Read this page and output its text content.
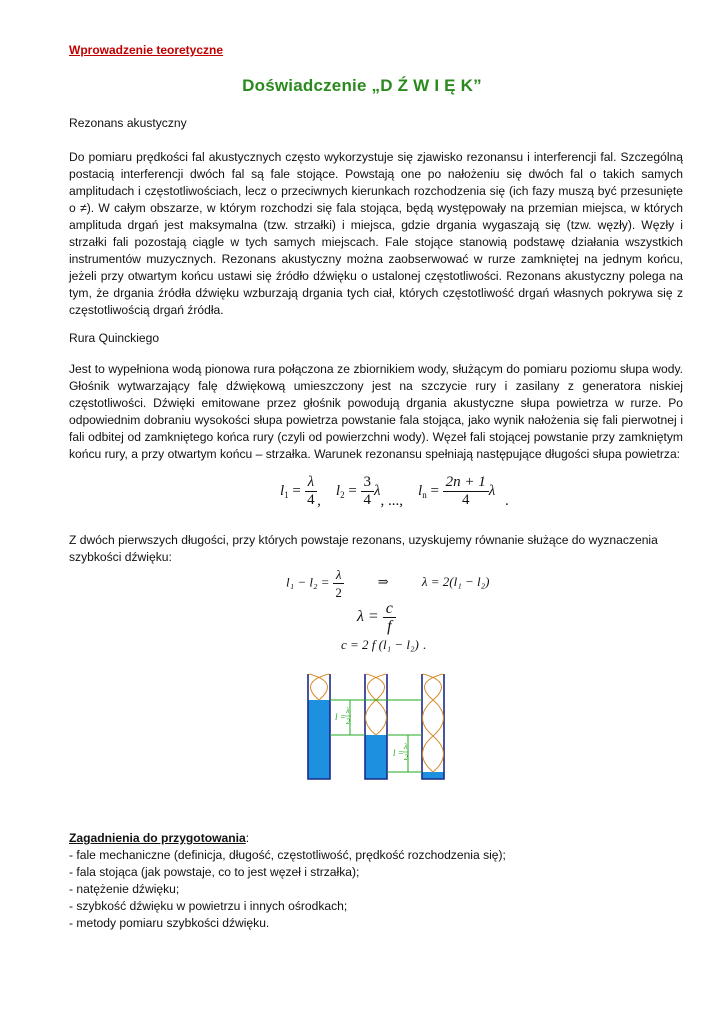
Wprowadzenie teoretyczne
Doświadczenie „D Ź W I Ę K”
Rezonans akustyczny
Do pomiaru prędkości fal akustycznych często wykorzystuje się zjawisko rezonansu i interferencji fal. Szczególną postacią interferencji dwóch fal są fale stojące. Powstają one po nałożeniu się dwóch fal o takich samych amplitudach i częstotliwościach, lecz o przeciwnych kierunkach rozchodzenia się (ich fazy muszą być przesunięte o ≠). W całym obszarze, w którym rozchodzi się fala stojąca, będą występowały na przemian miejsca, w których amplituda drgań jest maksymalna (tzw. strzałki) i miejsca, gdzie drgania wygaszają się (tzw. węzły). Węzły i strzałki fali pozostają ciągle w tych samych miejscach. Fale stojące stanowią podstawę działania wszystkich instrumentów muzycznych. Rezonans akustyczny można zaobserwować w rurze zamkniętej na jednym końcu, jeżeli przy otwartym końcu ustawi się źródło dźwięku o ustalonej częstotliwości. Rezonans akustyczny polega na tym, że drgania źródła dźwięku wzburzają drgania tych ciał, których częstotliwość drgań własnych pokrywa się z częstotliwością drgań źródła.
Rura Quinckiego
Jest to wypełniona wodą pionowa rura połączona ze zbiornikiem wody, służącym do pomiaru poziomu słupa wody. Głośnik wytwarzający falę dźwiękową umieszczony jest na szczycie rury i zasilany z generatora niskiej częstotliwości. Dźwięki emitowane przez głośnik powodują drgania akustyczne słupa powietrza w rurze. Po odpowiednim dobraniu wysokości słupa powietrza powstanie fala stojąca, jako wynik nałożenia się fali pierwotnej i fali odbitej od zamkniętego końca rury (czyli od powierzchni wody). Węzeł fali stojącej powstanie przy zamkniętym końcu rury, a przy otwartym końcu – strzałka. Warunek rezonansu spełniają następujące długości słupa powietrza:
$l_1 = \frac{\lambda}{4}$ ,    $l_2 = \frac{3}{4} \lambda$, ...,    $l_n = \frac{2n + 1}{4}$ λ .
Z dwóch pierwszych długości, przy których powstaje rezonans, uzyskujemy równanie służące do wyznaczenia szybkości dźwięku:
$l_1 - l_2 = \frac{\lambda}{2}$	⇒	λ = 2(l₁ − l₂)
$\lambda = \frac{c}{f}$
c = 2 f (l₁ − l₂) .
l =
λ
2
l =
λ
2
Zagadnienia do przygotowania:
- fale mechaniczne (definicja, długość, częstotliwość, prędkość rozchodzenia się);
- fala stojąca (jak powstaje, co to jest węzeł i strzałka);
- natężenie dźwięku;
- szybkość dźwięku w powietrzu i innych ośrodkach;
- metody pomiaru szybkości dźwięku.
